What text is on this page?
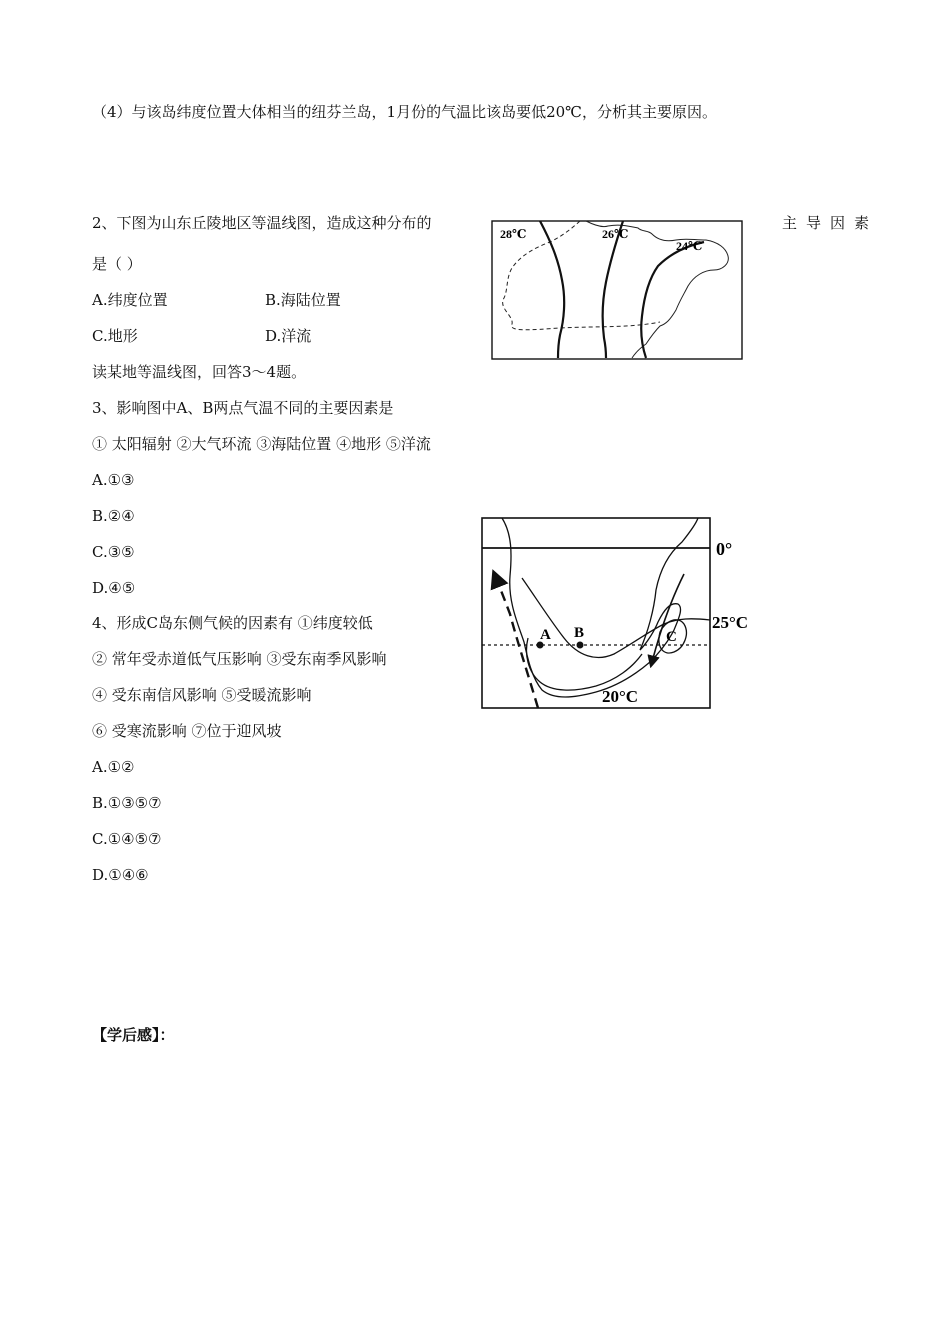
（4）与该岛纬度位置大体相当的纽芬兰岛，1月份的气温比该岛要低20℃，分析其主要原因。
2、下图为山东丘陵地区等温线图，造成这种分布的	主导因素
是（ ）
A.纬度位置	B.海陆位置
C.地形	D.洋流
28℃	26℃
24℃
读某地等温线图，回答3～4题。
3、影响图中A、B两点气温不同的主要因素是
① 太阳辐射 ②大气环流 ③海陆位置 ④地形 ⑤洋流
A.①③
B.②④
C.③⑤
D.④⑤
4、形成C岛东侧气候的因素有 ①纬度较低
② 常年受赤道低气压影响 ③受东南季风影响
④ 受东南信风影响 ⑤受暖流影响
⑥ 受寒流影响 ⑦位于迎风坡
A.①②
B.①③⑤⑦
C.①④⑤⑦
D.①④⑥
A B	C
0°
25°C
20°C
【学后感】：
